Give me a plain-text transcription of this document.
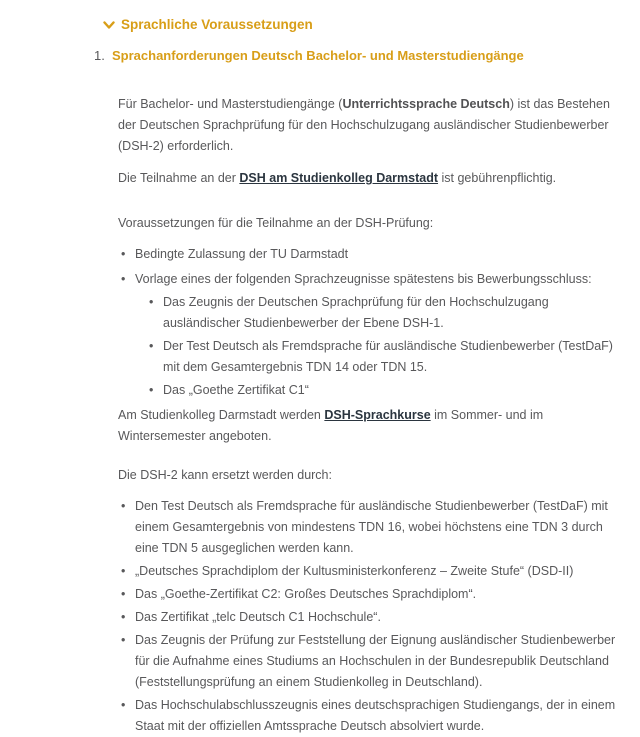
Sprachliche Voraussetzungen
1. Sprachanforderungen Deutsch Bachelor- und Masterstudiengänge

Für Bachelor- und Masterstudiengänge (Unterrichtssprache Deutsch) ist das Bestehen der Deutschen Sprachprüfung für den Hochschulzugang ausländischer Studienbewerber (DSH-2) erforderlich.

Die Teilnahme an der DSH am Studienkolleg Darmstadt ist gebührenpflichtig.

Voraussetzungen für die Teilnahme an der DSH-Prüfung:

• Bedingte Zulassung der TU Darmstadt
• Vorlage eines der folgenden Sprachzeugnisse spätestens bis Bewerbungsschluss:
• Das Zeugnis der Deutschen Sprachprüfung für den Hochschulzugang ausländischer Studienbewerber der Ebene DSH-1.
• Der Test Deutsch als Fremdsprache für ausländische Studienbewerber (TestDaF) mit dem Gesamtergebnis TDN 14 oder TDN 15.
• Das „Goethe Zertifikat C1“

Am Studienkolleg Darmstadt werden DSH-Sprachkurse im Sommer- und im Wintersemester angeboten.

Die DSH-2 kann ersetzt werden durch:

• Den Test Deutsch als Fremdsprache für ausländische Studienbewerber (TestDaF) mit einem Gesamtergebnis von mindestens TDN 16, wobei höchstens eine TDN 3 durch eine TDN 5 ausgeglichen werden kann.
• „Deutsches Sprachdiplom der Kultusministerkonferenz – Zweite Stufe“ (DSD-II)
• Das „Goethe-Zertifikat C2: Großes Deutsches Sprachdiplom“.
• Das Zertifikat „telc Deutsch C1 Hochschule“.
• Das Zeugnis der Prüfung zur Feststellung der Eignung ausländischer Studienbewerber für die Aufnahme eines Studiums an Hochschulen in der Bundesrepublik Deutschland (Feststellungsprüfung an einem Studienkolleg in Deutschland).
• Das Hochschulabschlusszeugnis eines deutschsprachigen Studiengangs, der in einem Staat mit der offiziellen Amtssprache Deutsch absolviert wurde.
